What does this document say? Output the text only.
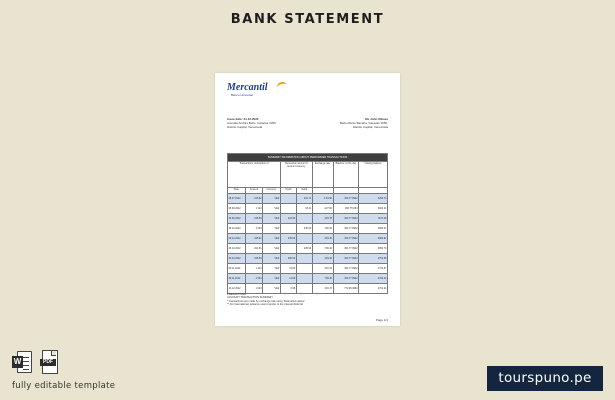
BANK STATEMENT
Mercantil
Banco Universal
Issue date: 31.12.2022
Avenida Andrés Bello, Caracas 1050
Distrito Capital, Venezuela
Ms John Ollivee
Bello Monte Bavaria, Caracas 1050,
Distrito Capital, Venezuela
SUMMARY INFORMATION ABOUT PERFORMED TRANSACTIONS							
Transactions, description of			Transaction amount in account currency		Exchange rate	Balance on the day	Closing balance
Date	Amount	Currency	Credit	Debit			
08.07.2022	226.82	VEF		401.74	4.54.50	450.77.8942	3250.70
08.08.2022	1 124	VEF		63.41	427.90	456.771654	3042.14
22.09.2022	245.90	VEF	222.90		445.78	450.77.8942	3117.46
08.10.2022	1 004	VEF		245.90	706.40	454.77.8942	2905.31
09.10.2022	345.91	VEF	245.90		645.40	450.77.8942	2880.92
25.10.2022	204.51	VEF		245.90	706.40	454.77.8942	2650.70
26.10.2022	345.90	VEF	200.50		245.40	450.77.8942	2751.35
09.11.2022	1 224	VEF	31.89		246.43	454.77.8942	2719.87
30.11.2022	1 504	VEF	14.89		706.40	450.77.8942	2700.44
14.12.2022	1 004	VEF	0.98		246.70	772.05.3682	2702.14
PRECAUTIONS:
ACCOUNT TRANSACTION SUMMARY
* Transactions are made by exchange rate using "Estimated values"
** For international, advance users transfer to the Interest Referral
Page 1/1
W	PDF
fully editable template	tourspuno.pe
